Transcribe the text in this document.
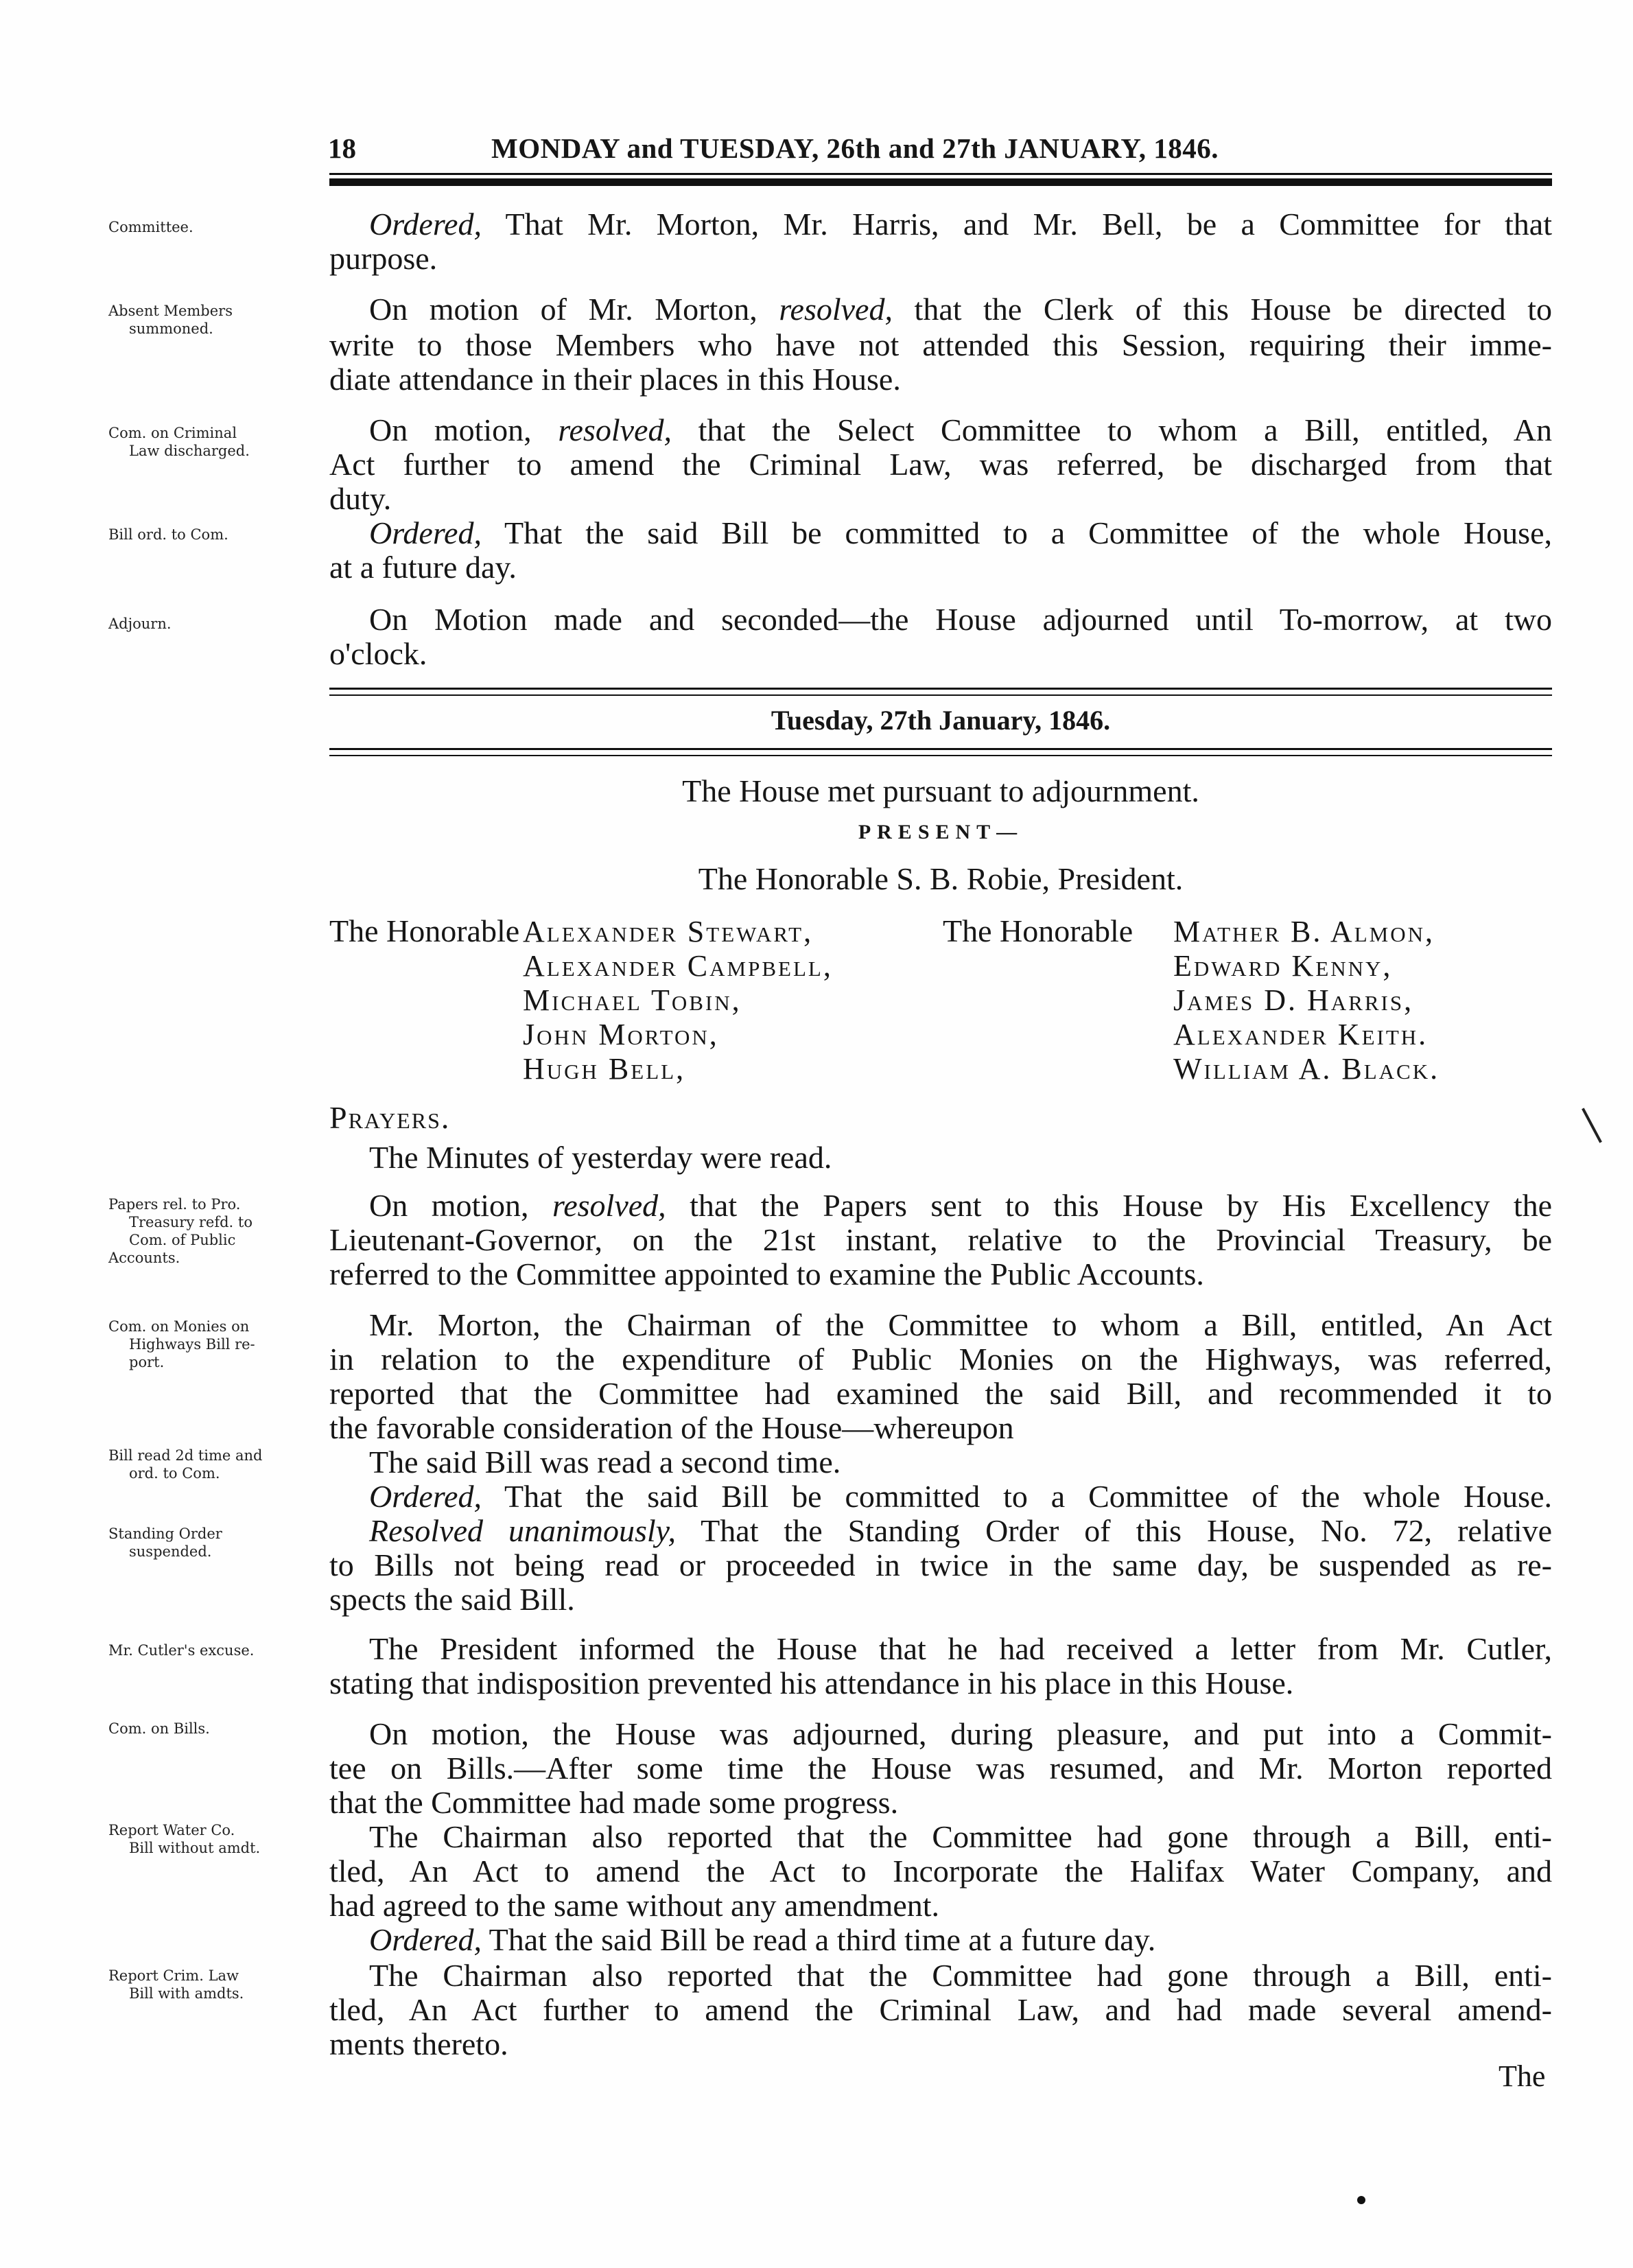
18	MONDAY and TUESDAY, 26th and 27th JANUARY, 1846.
Committee.
Absent Members
summoned.
Com. on Criminal
Law discharged.
Bill ord. to Com.
Adjourn.
Papers rel. to Pro.
Treasury refd. to
Com. of Public
Accounts.
Com. on Monies on
Highways Bill re-
port.
Bill read 2d time and
ord. to Com.
Standing Order
suspended.
Mr. Cutler's excuse.
Com. on Bills.
Report Water Co.
Bill without amdt.
Report Crim. Law
Bill with amdts.
Ordered, That Mr. Morton, Mr. Harris, and Mr. Bell, be a Committee for that
purpose.
On motion of Mr. Morton, resolved, that the Clerk of this House be directed to
write to those Members who have not attended this Session, requiring their imme-
diate attendance in their places in this House.
On motion, resolved, that the Select Committee to whom a Bill, entitled, An
Act further to amend the Criminal Law, was referred, be discharged from that
duty.
Ordered, That the said Bill be committed to a Committee of the whole House,
at a future day.
On Motion made and seconded—the House adjourned until To-morrow, at two
o'clock.
Tuesday, 27th January, 1846.
The House met pursuant to adjournment.
PRESENT—
The Honorable S. B. Robie, President.
The Honorable	The Honorable
Alexander Stewart,
Alexander Campbell,
Michael Tobin,
John Morton,
Hugh Bell,
Mather B. Almon,
Edward Kenny,
James D. Harris,
Alexander Keith.
William A. Black.
Prayers.
The Minutes of yesterday were read.
On motion, resolved, that the Papers sent to this House by His Excellency the
Lieutenant-Governor, on the 21st instant, relative to the Provincial Treasury, be
referred to the Committee appointed to examine the Public Accounts.
Mr. Morton, the Chairman of the Committee to whom a Bill, entitled, An Act
in relation to the expenditure of Public Monies on the Highways, was referred,
reported that the Committee had examined the said Bill, and recommended it to
the favorable consideration of the House—whereupon
The said Bill was read a second time.
Ordered, That the said Bill be committed to a Committee of the whole House.
Resolved unanimously, That the Standing Order of this House, No. 72, relative
to Bills not being read or proceeded in twice in the same day, be suspended as re-
spects the said Bill.
The President informed the House that he had received a letter from Mr. Cutler,
stating that indisposition prevented his attendance in his place in this House.
On motion, the House was adjourned, during pleasure, and put into a Commit-
tee on Bills.—After some time the House was resumed, and Mr. Morton reported
that the Committee had made some progress.
The Chairman also reported that the Committee had gone through a Bill, enti-
tled, An Act to amend the Act to Incorporate the Halifax Water Company, and
had agreed to the same without any amendment.
Ordered, That the said Bill be read a third time at a future day.
The Chairman also reported that the Committee had gone through a Bill, enti-
tled, An Act further to amend the Criminal Law, and had made several amend-
ments thereto.
The
